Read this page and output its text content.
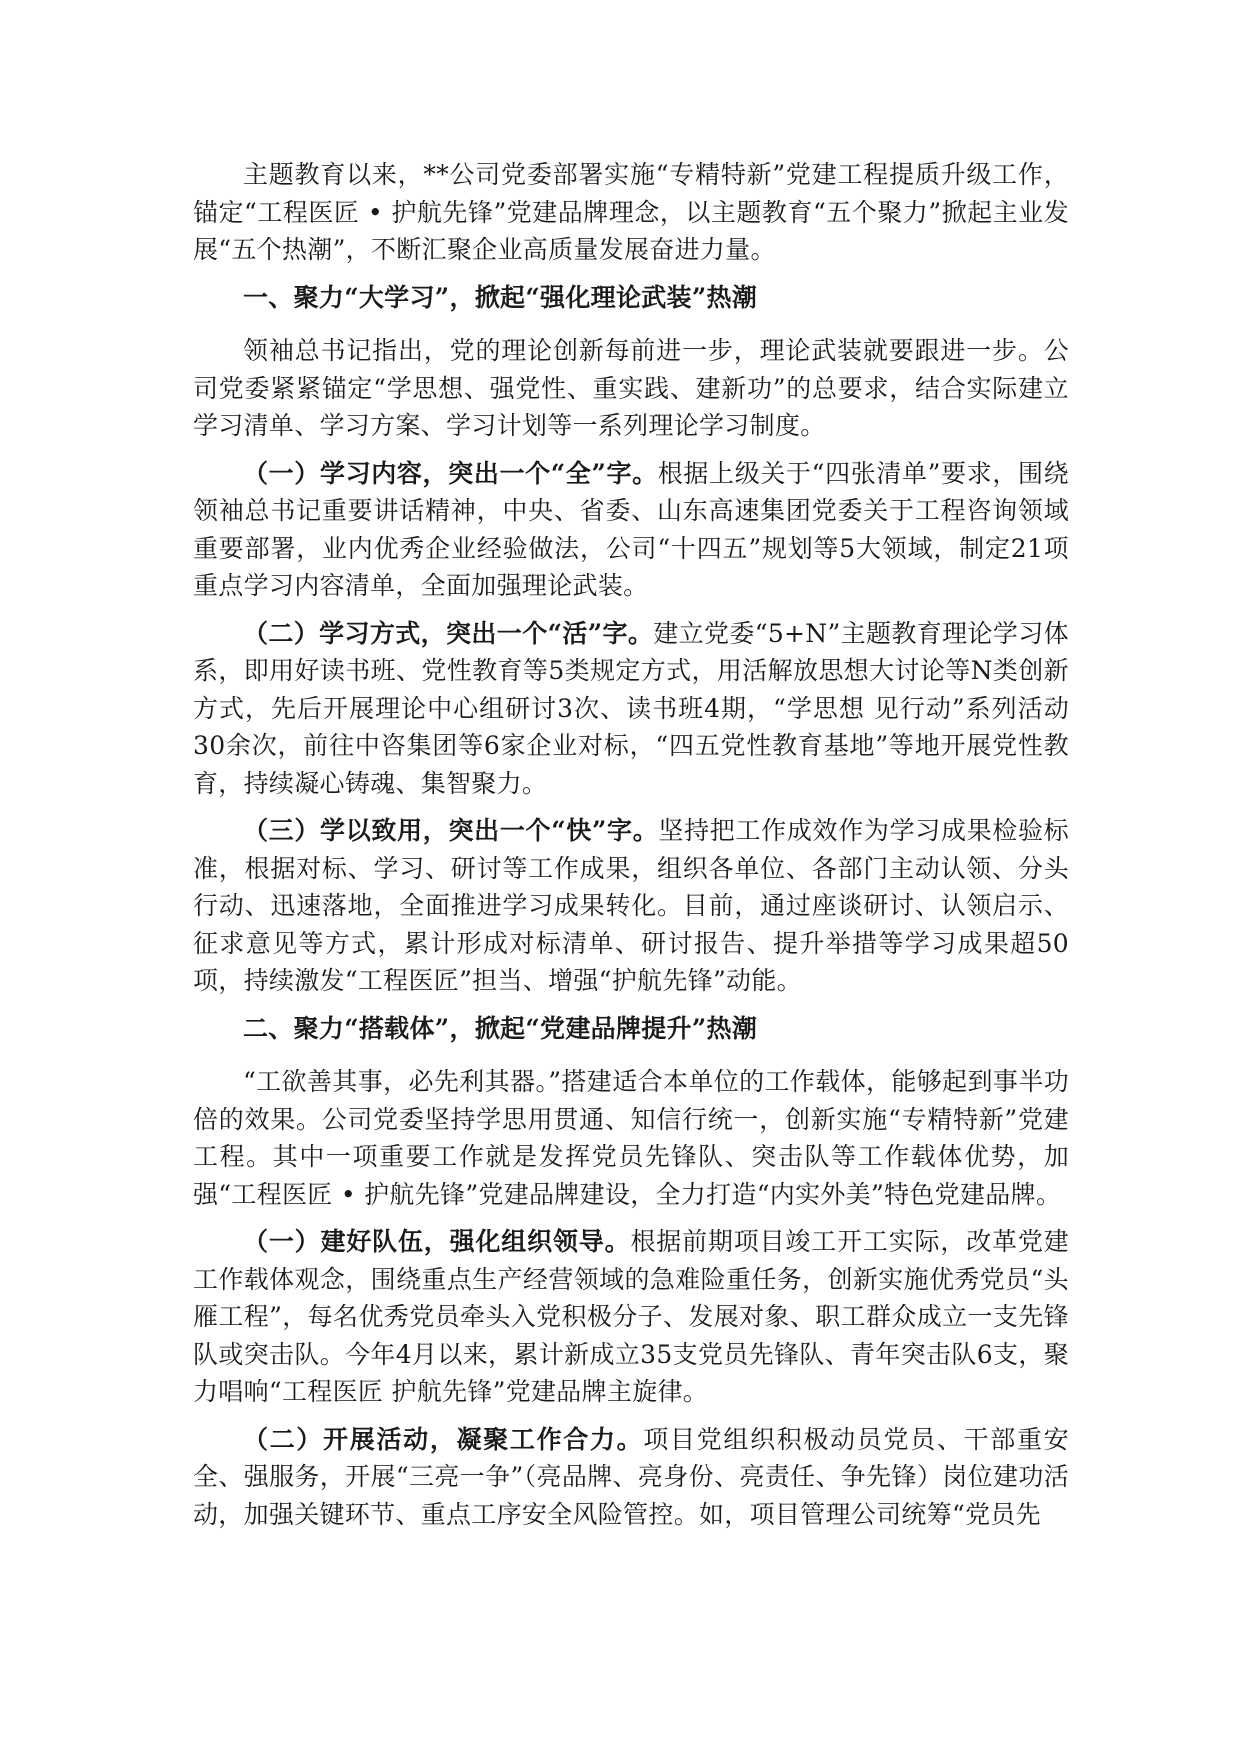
主题教育以来，**公司党委部署实施“专精特新”党建工程提质升级工作，锚定“工程医匠 • 护航先锋”党建品牌理念，以主题教育“五个聚力”掀起主业发展“五个热潮”，不断汇聚企业高质量发展奋进力量。

一、聚力“大学习”，掀起“强化理论武装”热潮

领袖总书记指出，党的理论创新每前进一步，理论武装就要跟进一步。公司党委紧紧锚定“学思想、强党性、重实践、建新功”的总要求，结合实际建立学习清单、学习方案、学习计划等一系列理论学习制度。

（一）学习内容，突出一个“全”字。根据上级关于“四张清单”要求，围绕领袖总书记重要讲话精神，中央、省委、山东高速集团党委关于工程咨询领域重要部署，业内优秀企业经验做法，公司“十四五”规划等5大领域，制定21项重点学习内容清单，全面加强理论武装。

（二）学习方式，突出一个“活”字。建立党委“5+N”主题教育理论学习体系，即用好读书班、党性教育等5类规定方式，用活解放思想大讨论等N类创新方式，先后开展理论中心组研讨3次、读书班4期，“学思想 见行动”系列活动30余次，前往中咨集团等6家企业对标，“四五党性教育基地”等地开展党性教育，持续凝心铸魂、集智聚力。

（三）学以致用，突出一个“快”字。坚持把工作成效作为学习成果检验标准，根据对标、学习、研讨等工作成果，组织各单位、各部门主动认领、分头行动、迅速落地，全面推进学习成果转化。目前，通过座谈研讨、认领启示、征求意见等方式，累计形成对标清单、研讨报告、提升举措等学习成果超50项，持续激发“工程医匠”担当、增强“护航先锋”动能。

二、聚力“搭载体”，掀起“党建品牌提升”热潮

“工欲善其事，必先利其器。”搭建适合本单位的工作载体，能够起到事半功倍的效果。公司党委坚持学思用贯通、知信行统一，创新实施“专精特新”党建工程。其中一项重要工作就是发挥党员先锋队、突击队等工作载体优势，加强“工程医匠 • 护航先锋”党建品牌建设，全力打造“内实外美”特色党建品牌。

（一）建好队伍，强化组织领导。根据前期项目竣工开工实际，改革党建工作载体观念，围绕重点生产经营领域的急难险重任务，创新实施优秀党员“头雁工程”，每名优秀党员牵头入党积极分子、发展对象、职工群众成立一支先锋队或突击队。今年4月以来，累计新成立35支党员先锋队、青年突击队6支，聚力唱响“工程医匠 护航先锋”党建品牌主旋律。

（二）开展活动，凝聚工作合力。项目党组织积极动员党员、干部重安全、强服务，开展“三亮一争”（亮品牌、亮身份、亮责任、争先锋）岗位建功活动，加强关键环节、重点工序安全风险管控。如，项目管理公司统筹“党员先
